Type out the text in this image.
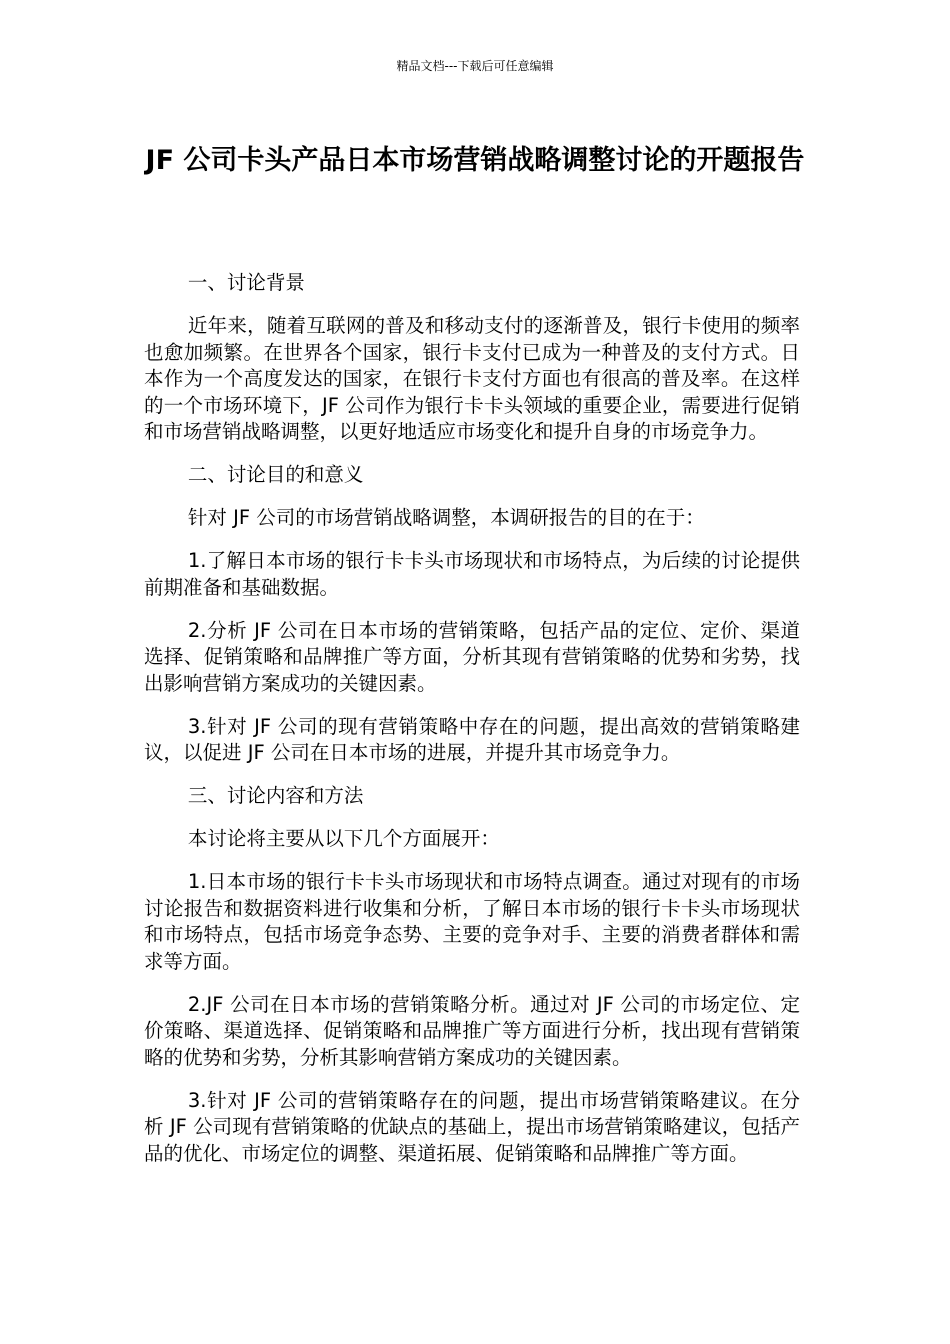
精品文档---下载后可任意编辑
JF 公司卡头产品日本市场营销战略调整讨论的开题报告

一、讨论背景

近年来，随着互联网的普及和移动支付的逐渐普及，银行卡使用的频率也愈加频繁。在世界各个国家，银行卡支付已成为一种普及的支付方式。日本作为一个高度发达的国家，在银行卡支付方面也有很高的普及率。在这样的一个市场环境下，JF 公司作为银行卡卡头领域的重要企业，需要进行促销和市场营销战略调整，以更好地适应市场变化和提升自身的市场竞争力。

二、讨论目的和意义

针对 JF 公司的市场营销战略调整，本调研报告的目的在于：

1.了解日本市场的银行卡卡头市场现状和市场特点，为后续的讨论提供前期准备和基础数据。

2.分析 JF 公司在日本市场的营销策略，包括产品的定位、定价、渠道选择、促销策略和品牌推广等方面，分析其现有营销策略的优势和劣势，找出影响营销方案成功的关键因素。

3.针对 JF 公司的现有营销策略中存在的问题，提出高效的营销策略建议，以促进 JF 公司在日本市场的进展，并提升其市场竞争力。

三、讨论内容和方法

本讨论将主要从以下几个方面展开：

1.日本市场的银行卡卡头市场现状和市场特点调查。通过对现有的市场讨论报告和数据资料进行收集和分析，了解日本市场的银行卡卡头市场现状和市场特点，包括市场竞争态势、主要的竞争对手、主要的消费者群体和需求等方面。

2.JF 公司在日本市场的营销策略分析。通过对 JF 公司的市场定位、定价策略、渠道选择、促销策略和品牌推广等方面进行分析，找出现有营销策略的优势和劣势，分析其影响营销方案成功的关键因素。

3.针对 JF 公司的营销策略存在的问题，提出市场营销策略建议。在分析 JF 公司现有营销策略的优缺点的基础上，提出市场营销策略建议，包括产品的优化、市场定位的调整、渠道拓展、促销策略和品牌推广等方面。
